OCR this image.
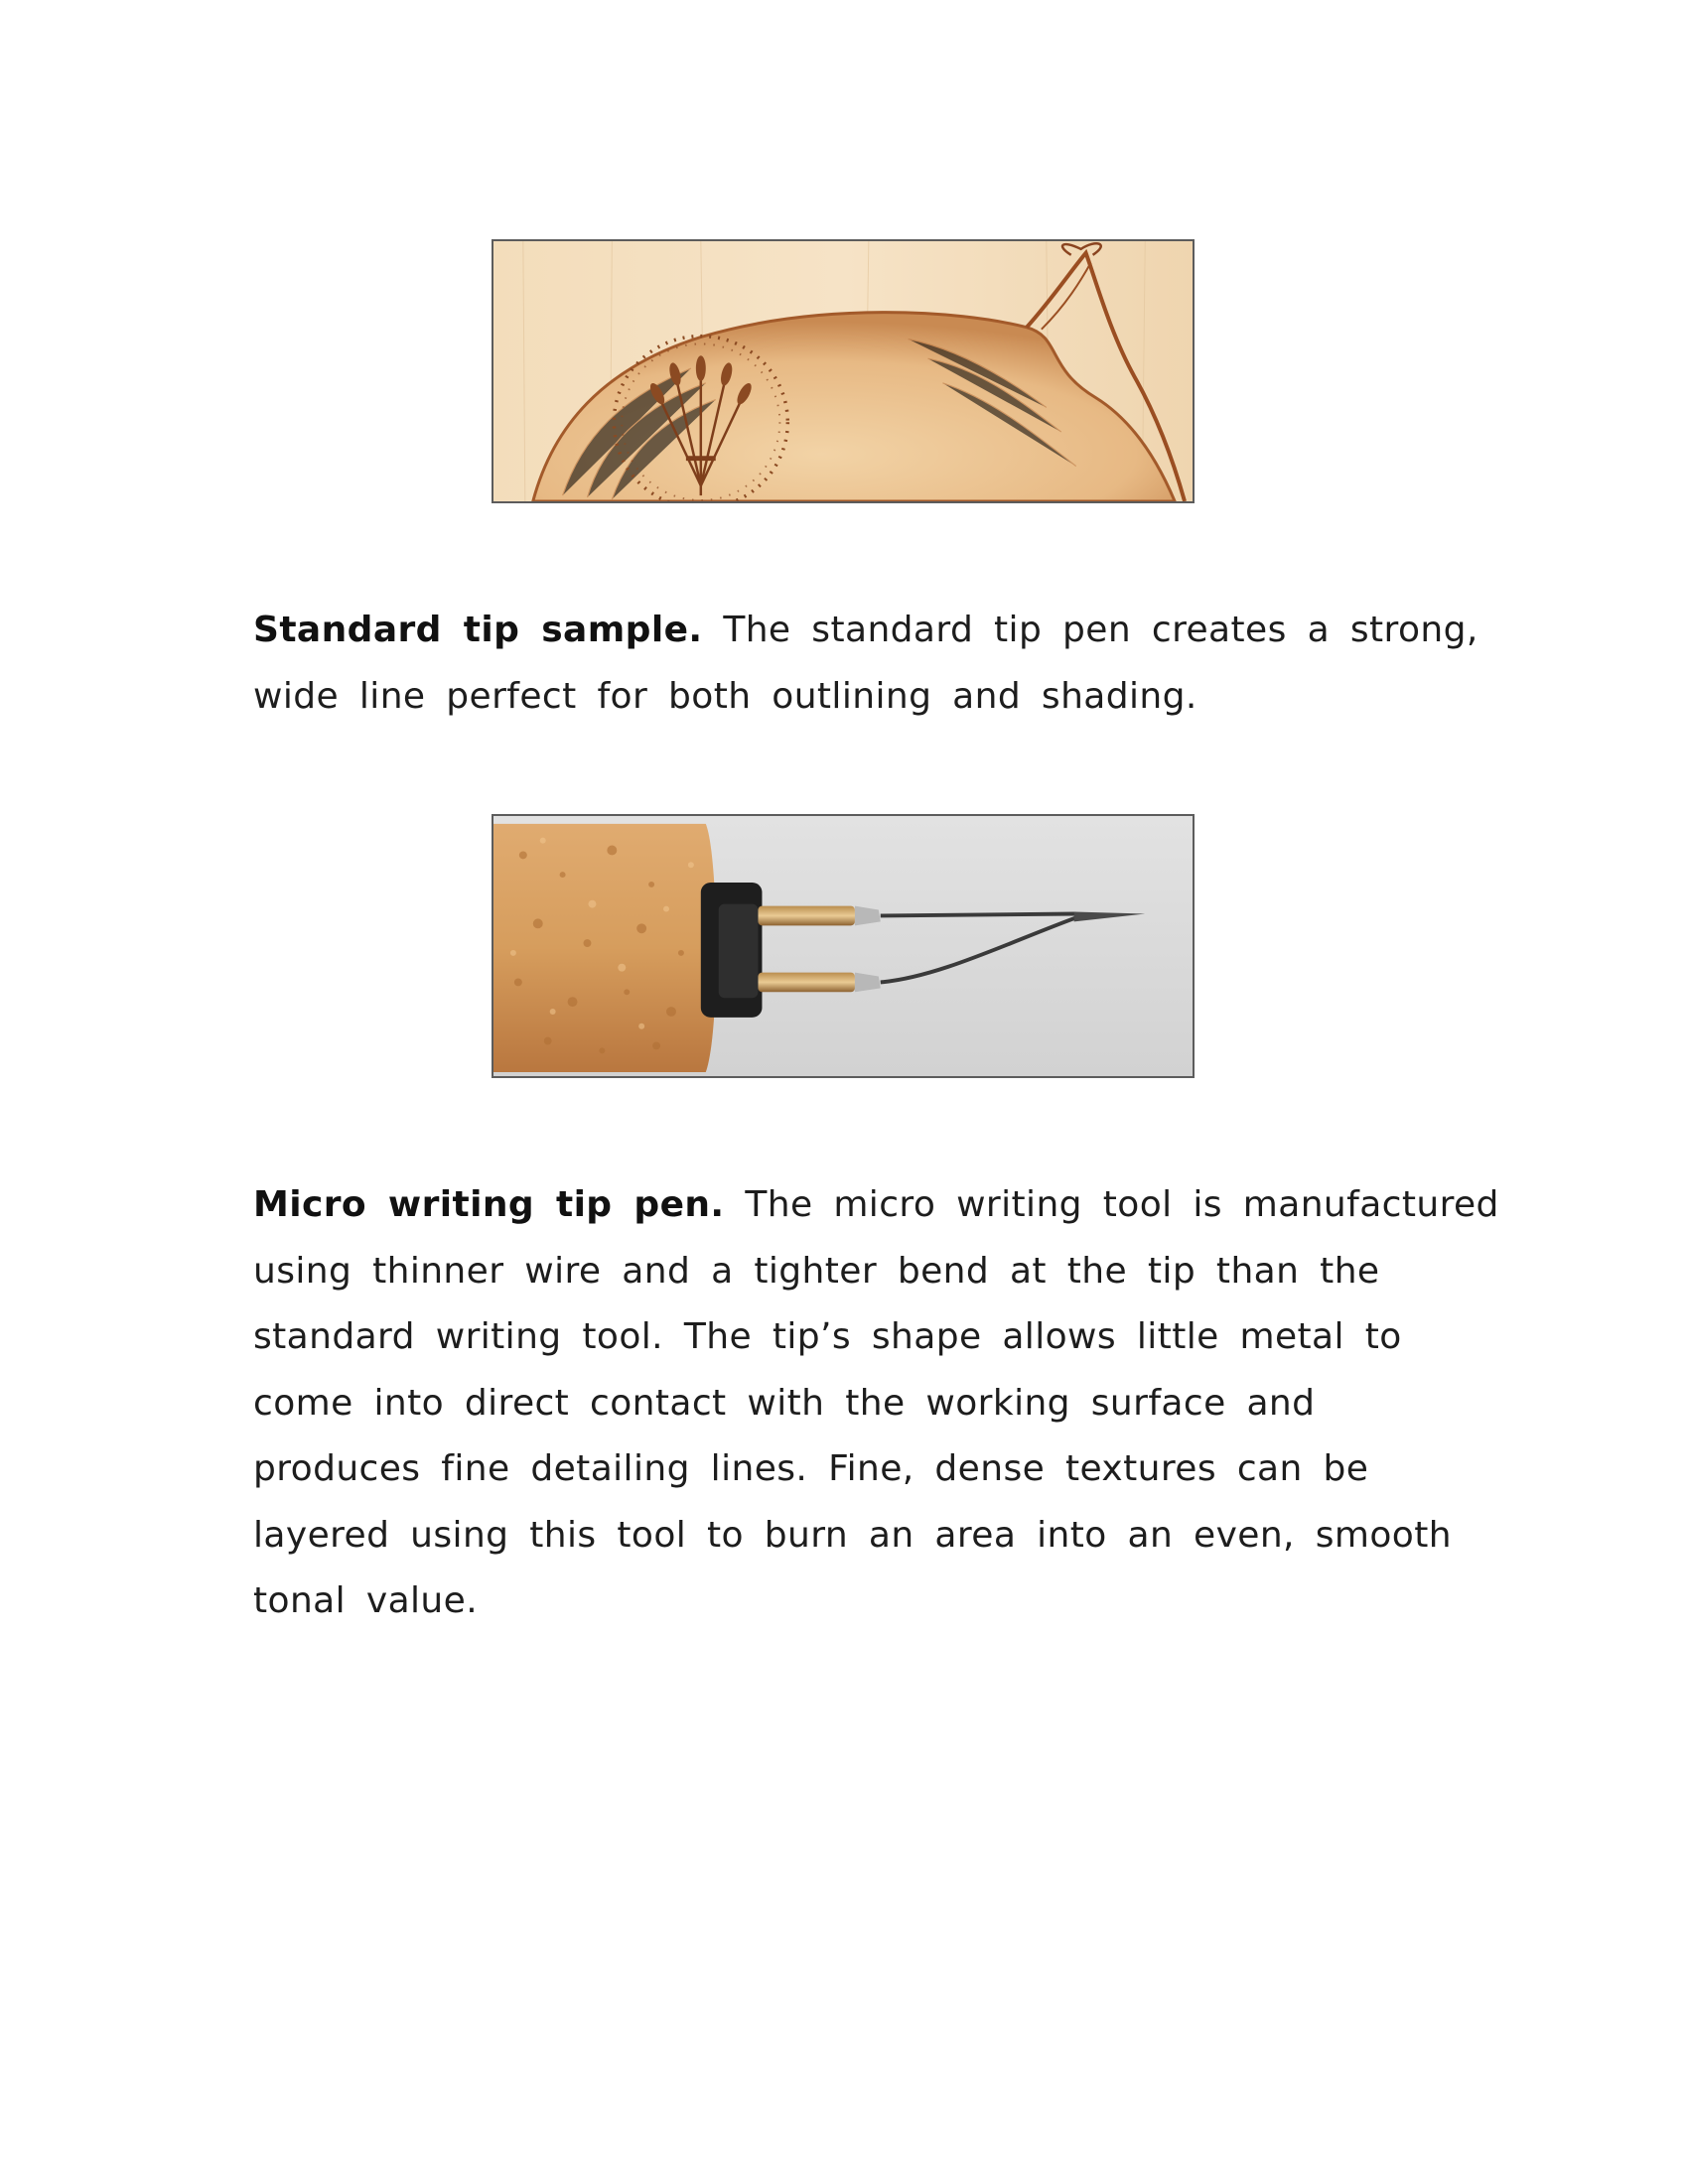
Standard tip sample. The standard tip pen creates a strong,
wide line perfect for both outlining and shading.

Micro writing tip pen. The micro writing tool is manufactured
using thinner wire and a tighter bend at the tip than the
standard writing tool. The tip’s shape allows little metal to
come into direct contact with the working surface and
produces fine detailing lines. Fine, dense textures can be
layered using this tool to burn an area into an even, smooth
tonal value.
